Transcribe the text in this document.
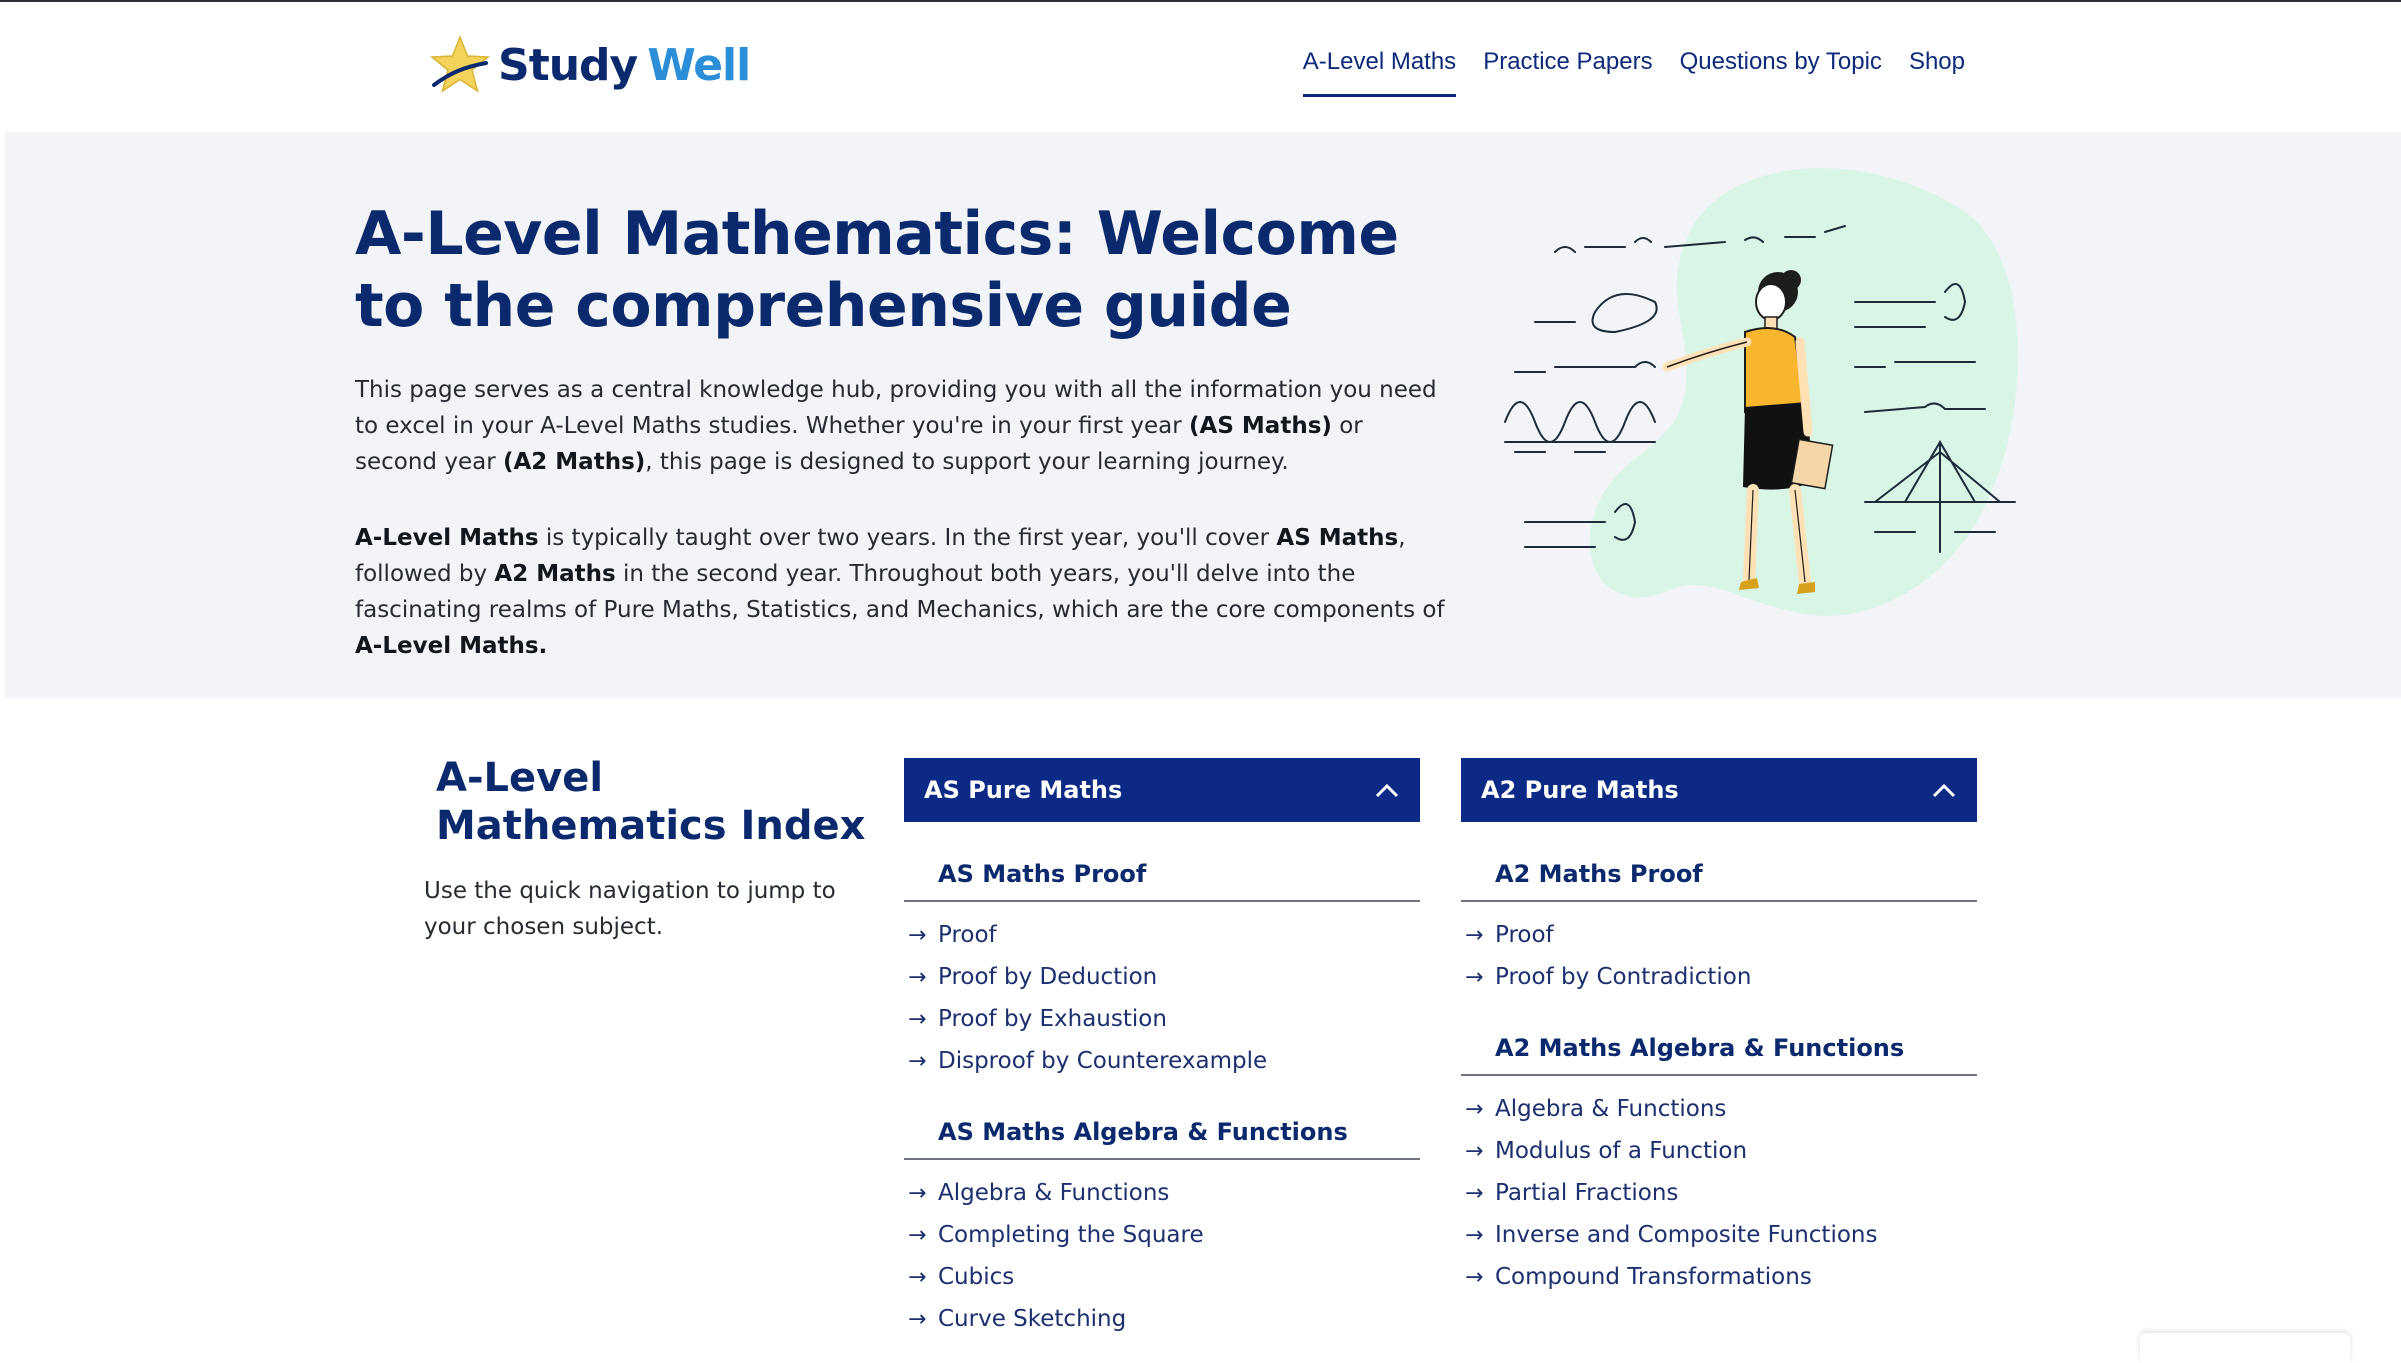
Study Well	A-Level Maths Practice Papers Questions by Topic Shop
A-Level Mathematics: Welcome to the comprehensive guide

This page serves as a central knowledge hub, providing you with all the information you need to excel in your A-Level Maths studies. Whether you're in your first year (AS Maths) or second year (A2 Maths), this page is designed to support your learning journey.

A-Level Maths is typically taught over two years. In the first year, you'll cover AS Maths, followed by A2 Maths in the second year. Throughout both years, you'll delve into the fascinating realms of Pure Maths, Statistics, and Mechanics, which are the core components of A-Level Maths.

A-Level Mathematics Index

Use the quick navigation to jump to your chosen subject.

AS Pure Maths
AS Maths Proof
→ Proof
→ Proof by Deduction
→ Proof by Exhaustion
→ Disproof by Counterexample
AS Maths Algebra & Functions
→ Algebra & Functions
→ Completing the Square
→ Cubics
→ Curve Sketching
A2 Pure Maths
A2 Maths Proof
→ Proof
→ Proof by Contradiction
A2 Maths Algebra & Functions
→ Algebra & Functions
→ Modulus of a Function
→ Partial Fractions
→ Inverse and Composite Functions
→ Compound Transformations
